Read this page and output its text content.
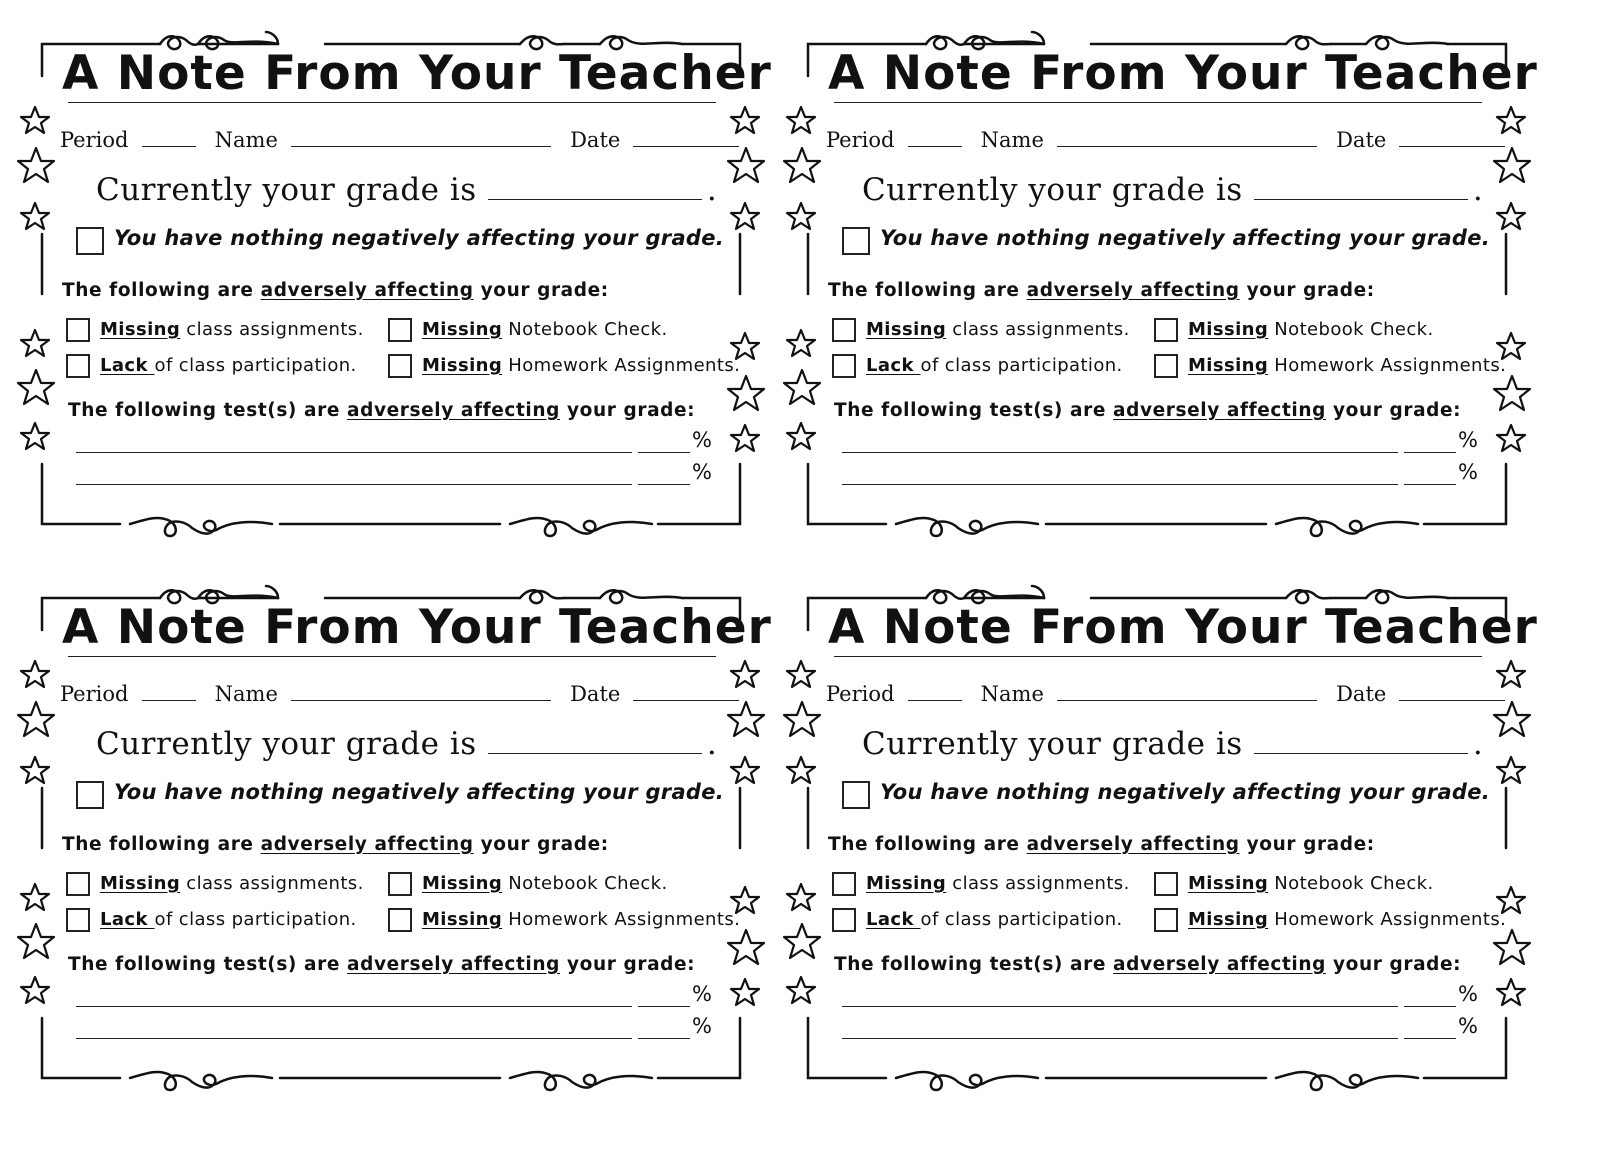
A Note From Your Teacher
Period	Name	Date
Currently your grade is	.
You have nothing negatively affecting your grade.
The following are adversely affecting your grade:
Missing class assignments.	Missing Notebook Check.
Lack of class participation.	Missing Homework Assignments.
The following test(s) are adversely affecting your grade:
%
%
A Note From Your Teacher
Period	Name	Date
Currently your grade is	.
You have nothing negatively affecting your grade.
The following are adversely affecting your grade:
Missing class assignments.	Missing Notebook Check.
Lack of class participation.	Missing Homework Assignments.
The following test(s) are adversely affecting your grade:
%
%
A Note From Your Teacher
Period	Name	Date
Currently your grade is	.
You have nothing negatively affecting your grade.
The following are adversely affecting your grade:
Missing class assignments.	Missing Notebook Check.
Lack of class participation.	Missing Homework Assignments.
The following test(s) are adversely affecting your grade:
%
%
A Note From Your Teacher
Period	Name	Date
Currently your grade is	.
You have nothing negatively affecting your grade.
The following are adversely affecting your grade:
Missing class assignments.	Missing Notebook Check.
Lack of class participation.	Missing Homework Assignments.
The following test(s) are adversely affecting your grade:
%
%
